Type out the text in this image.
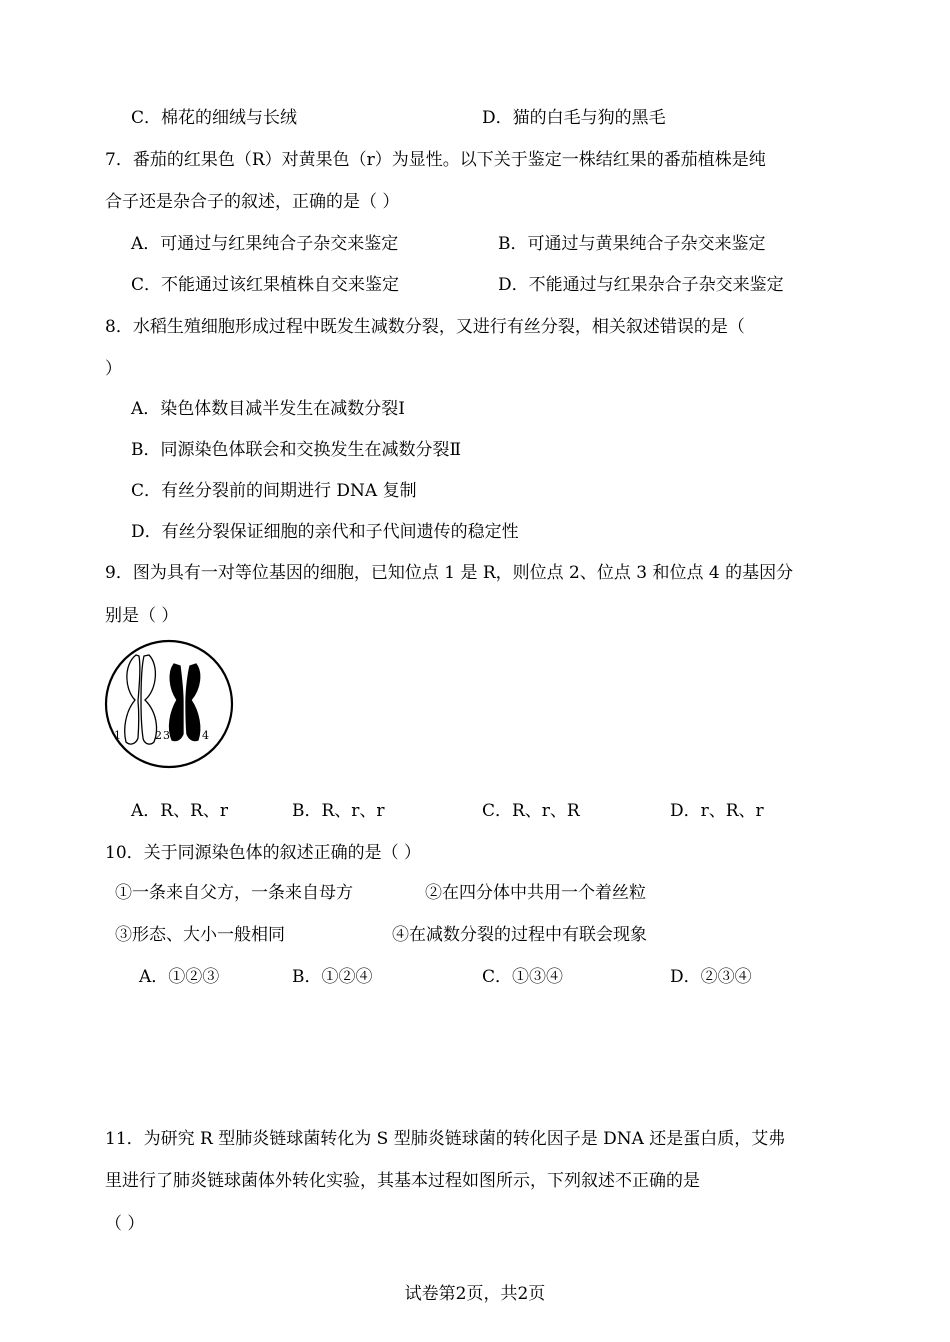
C．棉花的细绒与长绒	D．猫的白毛与狗的黑毛
7．番茄的红果色（R）对黄果色（r）为显性。以下关于鉴定一株结红果的番茄植株是纯
合子还是杂合子的叙述，正确的是（ ）
A．可通过与红果纯合子杂交来鉴定	B．可通过与黄果纯合子杂交来鉴定
C．不能通过该红果植株自交来鉴定	D．不能通过与红果杂合子杂交来鉴定
8．水稻生殖细胞形成过程中既发生减数分裂，又进行有丝分裂，相关叙述错误的是（
）
A．染色体数目减半发生在减数分裂Ⅰ
B．同源染色体联会和交换发生在减数分裂Ⅱ
C．有丝分裂前的间期进行 DNA 复制
D．有丝分裂保证细胞的亲代和子代间遗传的稳定性
9．图为具有一对等位基因的细胞，已知位点 1 是 R，则位点 2、位点 3 和位点 4 的基因分
别是（ ）
1	2 3	4
A．R、R、r	B．R、r、r	C．R、r、R	D．r、R、r
10．关于同源染色体的叙述正确的是（ ）
①一条来自父方，一条来自母方	②在四分体中共用一个着丝粒
③形态、大小一般相同	④在减数分裂的过程中有联会现象
A．①②③	B．①②④	C．①③④	D．②③④
11．为研究 R 型肺炎链球菌转化为 S 型肺炎链球菌的转化因子是 DNA 还是蛋白质，艾弗
里进行了肺炎链球菌体外转化实验，其基本过程如图所示，下列叙述不正确的是
（ ）
试卷第2页，共2页
